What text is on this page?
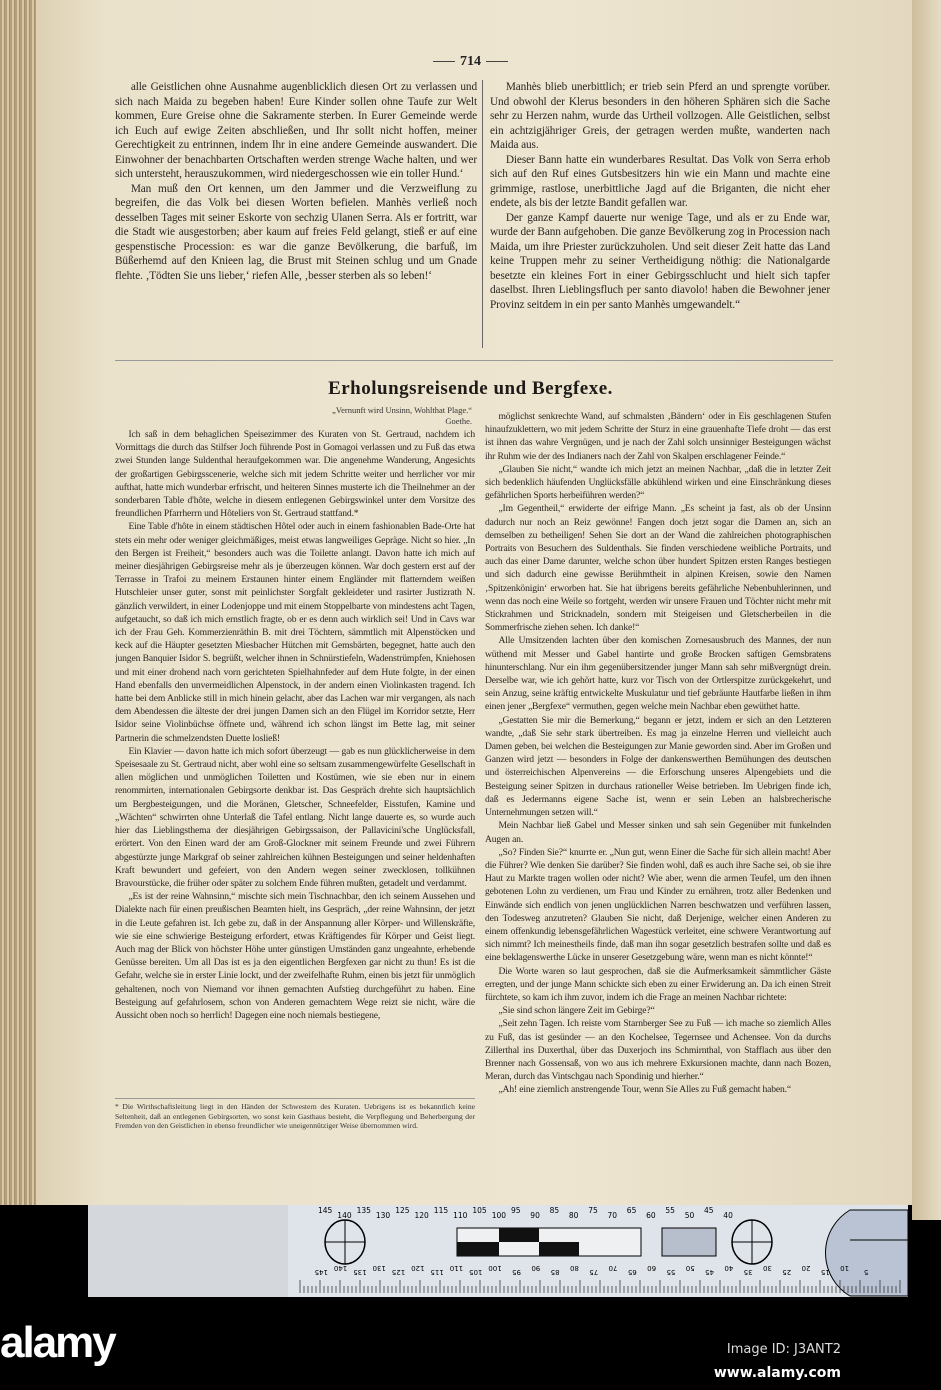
714

alle Geistlichen ohne Ausnahme augenblicklich diesen Ort zu verlassen und sich nach Maida zu begeben haben! Eure Kinder sollen ohne Taufe zur Welt kommen, Eure Greise ohne die Sakramente sterben. In Eurer Gemeinde werde ich Euch auf ewige Zeiten abschließen, und Ihr sollt nicht hoffen, meiner Gerechtigkeit zu entrinnen, indem Ihr in eine andere Gemeinde auswandert. Die Einwohner der benachbarten Ortschaften werden strenge Wache halten, und wer sich untersteht, herauszukommen, wird niedergeschossen wie ein toller Hund.‘

Man muß den Ort kennen, um den Jammer und die Verzweiflung zu begreifen, die das Volk bei diesen Worten befielen. Manhès verließ noch desselben Tages mit seiner Eskorte von sechzig Ulanen Serra. Als er fortritt, war die Stadt wie ausgestorben; aber kaum auf freies Feld gelangt, stieß er auf eine gespenstische Procession: es war die ganze Bevölkerung, die barfuß, im Büßerhemd auf den Knieen lag, die Brust mit Steinen schlug und um Gnade flehte. ‚Tödten Sie uns lieber,‘ riefen Alle, ‚besser sterben als so leben!‘

Manhès blieb unerbittlich; er trieb sein Pferd an und sprengte vorüber. Und obwohl der Klerus besonders in den höheren Sphären sich die Sache sehr zu Herzen nahm, wurde das Urtheil vollzogen. Alle Geistlichen, selbst ein achtzigjähriger Greis, der getragen werden mußte, wanderten nach Maida aus.

Dieser Bann hatte ein wunderbares Resultat. Das Volk von Serra erhob sich auf den Ruf eines Gutsbesitzers hin wie ein Mann und machte eine grimmige, rastlose, unerbittliche Jagd auf die Briganten, die nicht eher endete, als bis der letzte Bandit gefallen war.

Der ganze Kampf dauerte nur wenige Tage, und als er zu Ende war, wurde der Bann aufgehoben. Die ganze Bevölkerung zog in Procession nach Maida, um ihre Priester zurückzuholen. Und seit dieser Zeit hatte das Land keine Truppen mehr zu seiner Vertheidigung nöthig: die Nationalgarde besetzte ein kleines Fort in einer Gebirgsschlucht und hielt sich tapfer daselbst. Ihren Lieblingsfluch per santo diavolo! haben die Bewohner jener Provinz seitdem in ein per santo Manhès umgewandelt.“

Erholungsreisende und Bergfexe.
„Vernunft wird Unsinn, Wohlthat Plage.“
Goethe.

Ich saß in dem behaglichen Speisezimmer des Kuraten von St. Gertraud, nachdem ich Vormittags die durch das Stilfser Joch führende Post in Gomagoi verlassen und zu Fuß das etwa zwei Stunden lange Suldenthal heraufgekommen war. Die angenehme Wanderung, Angesichts der großartigen Gebirgsscenerie, welche sich mit jedem Schritte weiter und herrlicher vor mir aufthat, hatte mich wunderbar erfrischt, und heiteren Sinnes musterte ich die Theilnehmer an der sonderbaren Table d'hôte, welche in diesem entlegenen Gebirgswinkel unter dem Vorsitze des freundlichen Pfarrherrn und Hôteliers von St. Gertraud stattfand.*

Eine Table d'hôte in einem städtischen Hôtel oder auch in einem fashionablen Bade-Orte hat stets ein mehr oder weniger gleichmäßiges, meist etwas langweiliges Gepräge. Nicht so hier. „In den Bergen ist Freiheit,“ besonders auch was die Toilette anlangt. Davon hatte ich mich auf meiner diesjährigen Gebirgsreise mehr als je überzeugen können. War doch gestern erst auf der Terrasse in Trafoi zu meinem Erstaunen hinter einem Engländer mit flatterndem weißen Hutschleier unser guter, sonst mit peinlichster Sorgfalt gekleideter und rasirter Justizrath N. gänzlich verwildert, in einer Lodenjoppe und mit einem Stoppelbarte von mindestens acht Tagen, aufgetaucht, so daß ich mich ernstlich fragte, ob er es denn auch wirklich sei! Und in Cavs war ich der Frau Geh. Kommerzienräthin B. mit drei Töchtern, sämmtlich mit Alpenstöcken und keck auf die Häupter gesetzten Miesbacher Hütchen mit Gemsbärten, begegnet, hatte auch den jungen Banquier Isidor S. begrüßt, welcher ihnen in Schnürstiefeln, Wadenstrümpfen, Kniehosen und mit einer drohend nach vorn gerichteten Spielhahnfeder auf dem Hute folgte, in der einen Hand ebenfalls den unvermeidlichen Alpenstock, in der andern einen Violinkasten tragend. Ich hatte bei dem Anblicke still in mich hinein gelacht, aber das Lachen war mir vergangen, als nach dem Abendessen die älteste der drei jungen Damen sich an den Flügel im Korridor setzte, Herr Isidor seine Violinbüchse öffnete und, während ich schon längst im Bette lag, mit seiner Partnerin die schmelzendsten Duette losließ!

Ein Klavier — davon hatte ich mich sofort überzeugt — gab es nun glücklicherweise in dem Speisesaale zu St. Gertraud nicht, aber wohl eine so seltsam zusammengewürfelte Gesellschaft in allen möglichen und unmöglichen Toiletten und Kostümen, wie sie eben nur in einem renommirten, internationalen Gebirgsorte denkbar ist. Das Gespräch drehte sich hauptsächlich um Bergbesteigungen, und die Moränen, Gletscher, Schneefelder, Eisstufen, Kamine und „Wächten“ schwirrten ohne Unterlaß die Tafel entlang. Nicht lange dauerte es, so wurde auch hier das Lieblingsthema der diesjährigen Gebirgssaison, der Pallavicini'sche Unglücksfall, erörtert. Von den Einen ward der am Groß-Glockner mit seinem Freunde und zwei Führern abgestürzte junge Markgraf ob seiner zahlreichen kühnen Besteigungen und seiner heldenhaften Kraft bewundert und gefeiert, von den Andern wegen seiner zwecklosen, tollkühnen Bravourstücke, die früher oder später zu solchem Ende führen mußten, getadelt und verdammt.

„Es ist der reine Wahnsinn,“ mischte sich mein Tischnachbar, den ich seinem Aussehen und Dialekte nach für einen preußischen Beamten hielt, ins Gespräch, „der reine Wahnsinn, der jetzt in die Leute gefahren ist. Ich gebe zu, daß in der Anspannung aller Körper- und Willenskräfte, wie sie eine schwierige Besteigung erfordert, etwas Kräftigendes für Körper und Geist liegt. Auch mag der Blick von höchster Höhe unter günstigen Umständen ganz ungeahnte, erhebende Genüsse bereiten. Um all Das ist es ja den eigentlichen Bergfexen gar nicht zu thun! Es ist die Gefahr, welche sie in erster Linie lockt, und der zweifelhafte Ruhm, einen bis jetzt für unmöglich gehaltenen, noch von Niemand vor ihnen gemachten Aufstieg durchgeführt zu haben. Eine Besteigung auf gefahrlosem, schon von Anderen gemachtem Wege reizt sie nicht, wäre die Aussicht oben noch so herrlich! Dagegen eine noch niemals bestiegene,

* Die Wirthschaftsleitung liegt in den Händen der Schwestern des Kuraten. Uebrigens ist es bekanntlich keine Seltenheit, daß an entlegenen Gebirgsorten, wo sonst kein Gasthaus besteht, die Verpflegung und Beherbergung der Fremden von den Geistlichen in ebenso freundlicher wie uneigennütziger Weise übernommen wird.

möglichst senkrechte Wand, auf schmalsten ‚Bändern‘ oder in Eis geschlagenen Stufen hinaufzuklettern, wo mit jedem Schritte der Sturz in eine grauenhafte Tiefe droht — das erst ist ihnen das wahre Vergnügen, und je nach der Zahl solch unsinniger Besteigungen wächst ihr Ruhm wie der des Indianers nach der Zahl von Skalpen erschlagener Feinde.“

„Glauben Sie nicht,“ wandte ich mich jetzt an meinen Nachbar, „daß die in letzter Zeit sich bedenklich häufenden Unglücksfälle abkühlend wirken und eine Einschränkung dieses gefährlichen Sports herbeiführen werden?“

„Im Gegentheil,“ erwiderte der eifrige Mann. „Es scheint ja fast, als ob der Unsinn dadurch nur noch an Reiz gewönne! Fangen doch jetzt sogar die Damen an, sich an demselben zu betheiligen! Sehen Sie dort an der Wand die zahlreichen photographischen Portraits von Besuchern des Suldenthals. Sie finden verschiedene weibliche Portraits, und auch das einer Dame darunter, welche schon über hundert Spitzen ersten Ranges bestiegen und sich dadurch eine gewisse Berühmtheit in alpinen Kreisen, sowie den Namen ‚Spitzenkönigin‘ erworben hat. Sie hat übrigens bereits gefährliche Nebenbuhlerinnen, und wenn das noch eine Weile so fortgeht, werden wir unsere Frauen und Töchter nicht mehr mit Stickrahmen und Stricknadeln, sondern mit Steigeisen und Gletscherbeilen in die Sommerfrische ziehen sehen. Ich danke!“

Alle Umsitzenden lachten über den komischen Zornesausbruch des Mannes, der nun wüthend mit Messer und Gabel hantirte und große Brocken saftigen Gemsbratens hinunterschlang. Nur ein ihm gegenübersitzender junger Mann sah sehr mißvergnügt drein. Derselbe war, wie ich gehört hatte, kurz vor Tisch von der Ortlerspitze zurückgekehrt, und sein Anzug, seine kräftig entwickelte Muskulatur und tief gebräunte Hautfarbe ließen in ihm einen jener „Bergfexe“ vermuthen, gegen welche mein Nachbar eben gewüthet hatte.

„Gestatten Sie mir die Bemerkung,“ begann er jetzt, indem er sich an den Letzteren wandte, „daß Sie sehr stark übertreiben. Es mag ja einzelne Herren und vielleicht auch Damen geben, bei welchen die Besteigungen zur Manie geworden sind. Aber im Großen und Ganzen wird jetzt — besonders in Folge der dankenswerthen Bemühungen des deutschen und österreichischen Alpenvereins — die Erforschung unseres Alpengebiets und die Besteigung seiner Spitzen in durchaus rationeller Weise betrieben. Im Uebrigen finde ich, daß es Jedermanns eigene Sache ist, wenn er sein Leben an halsbrecherische Unternehmungen setzen will.“

Mein Nachbar ließ Gabel und Messer sinken und sah sein Gegenüber mit funkelnden Augen an.

„So? Finden Sie?“ knurrte er. „Nun gut, wenn Einer die Sache für sich allein macht! Aber die Führer? Wie denken Sie darüber? Sie finden wohl, daß es auch ihre Sache sei, ob sie ihre Haut zu Markte tragen wollen oder nicht? Wie aber, wenn die armen Teufel, um den ihnen gebotenen Lohn zu verdienen, um Frau und Kinder zu ernähren, trotz aller Bedenken und Einwände sich endlich von jenen unglücklichen Narren beschwatzen und verführen lassen, den Todesweg anzutreten? Glauben Sie nicht, daß Derjenige, welcher einen Anderen zu einem offenkundig lebensgefährlichen Wagestück verleitet, eine schwere Verantwortung auf sich nimmt? Ich meinestheils finde, daß man ihn sogar gesetzlich bestrafen sollte und daß es eine beklagenswerthe Lücke in unserer Gesetzgebung wäre, wenn man es nicht könnte!“

Die Worte waren so laut gesprochen, daß sie die Aufmerksamkeit sämmtlicher Gäste erregten, und der junge Mann schickte sich eben zu einer Erwiderung an. Da ich einen Streit fürchtete, so kam ich ihm zuvor, indem ich die Frage an meinen Nachbar richtete:

„Sie sind schon längere Zeit im Gebirge?“

„Seit zehn Tagen. Ich reiste vom Starnberger See zu Fuß — ich mache so ziemlich Alles zu Fuß, das ist gesünder — an den Kochelsee, Tegernsee und Achensee. Von da durchs Zillerthal ins Duxerthal, über das Duxerjoch ins Schmirnthal, von Stafflach aus über den Brenner nach Gossensaß, von wo aus ich mehrere Exkursionen machte, dann nach Bozen, Meran, durch das Vintschgau nach Spondinig und hierher.“

„Ah! eine ziemlich anstrengende Tour, wenn Sie Alles zu Fuß gemacht haben.“

145
140
135
130
125
120
115
110
105
100
95
90
85
80
75
70
65
60
55
50
45
40
145 140 135 130 125 120 115 110 105 100 95 90 85 80 75 70 65 60 55 50 45 40 35 30 25 20 15 10 5
alamy	Image ID: J3ANT2
www.alamy.com
